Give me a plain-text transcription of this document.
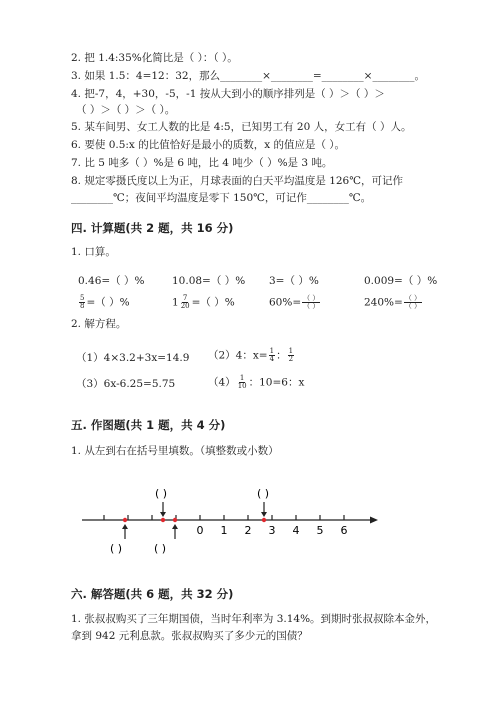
2. 把 1.4:35%化简比是（ ）：（ ）。
3. 如果 1.5：4=12：32，那么________×________=________×________。
4. 把-7，4，+30，-5，-1 按从大到小的顺序排列是（ ）＞（ ）＞
（ ）＞（ ）＞（ ）。
5. 某车间男、女工人数的比是 4:5，已知男工有 20 人，女工有（ ）人。
6. 要使 0.5:x 的比值恰好是最小的质数，x 的值应是（ ）。
7. 比 5 吨多（ ）%是 6 吨，比 4 吨少（ ）%是 3 吨。
8. 规定零摄氏度以上为正，月球表面的白天平均温度是 126℃，可记作
________℃；夜间平均温度是零下 150℃，可记作________℃。
四. 计算题(共 2 题，共 16 分)
1. 口算。
0.46=（ ）%	10.08=（ ）% 3=（ ）%	0.009=（ ）%
$\frac{5}{8}$ =（ ）%	$1 \frac{7}{20}$ =（ ）%	$60\%= \frac{( )}{( )}$	$240\%= \frac{( )}{( )}$
2. 解方程。
（1）4×3.2+3x=14.9 （2）4：$x= \frac{1}{4}$ ： $\frac{1}{2}$
（3）6x-6.25=5.75	$(4) \frac{1}{10}$ ：10=6：x
五. 作图题(共 1 题，共 4 分)
1. 从左到右在括号里填数。（填整数或小数）
( )	( )
0 1 2 3 4 5 6
( )	( )
六. 解答题(共 6 题，共 32 分)
1. 张叔叔购买了三年期国债，当时年利率为 3.14%。到期时张叔叔除本金外，
拿到 942 元利息款。张叔叔购买了多少元的国债？
